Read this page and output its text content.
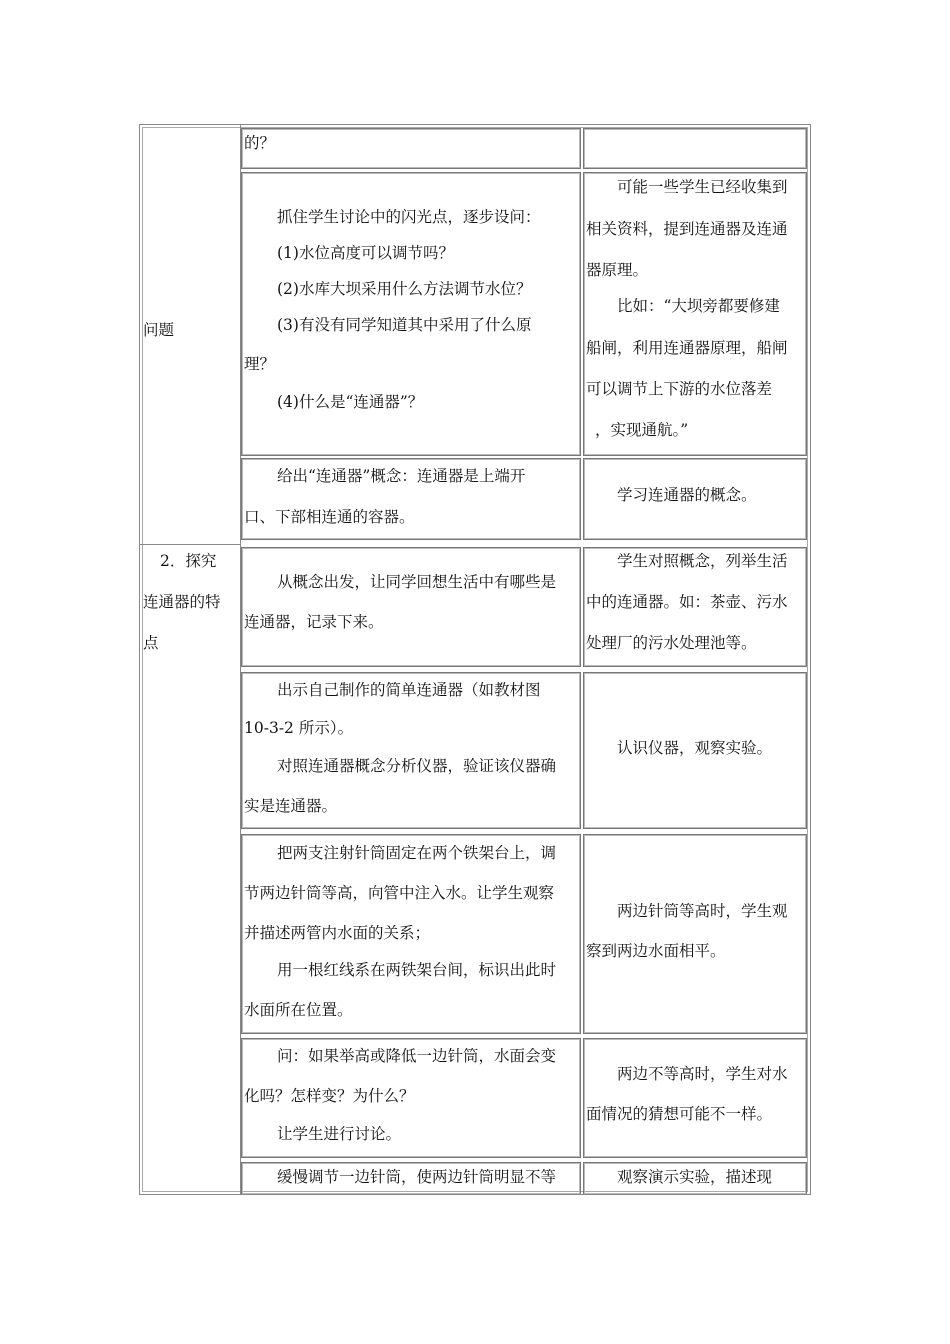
问题
2．探究
连通器的特
点
的？
抓住学生讨论中的闪光点，逐步设问：
(1)水位高度可以调节吗？
(2)水库大坝采用什么方法调节水位？
(3)有没有同学知道其中采用了什么原
理？
(4)什么是“连通器”？
可能一些学生已经收集到
相关资料，提到连通器及连通
器原理。
比如：“大坝旁都要修建
船闸，利用连通器原理，船闸
可以调节上下游的水位落差
，实现通航。”
给出“连通器”概念：连通器是上端开
口、下部相连通的容器。
学习连通器的概念。
从概念出发，让同学回想生活中有哪些是
连通器，记录下来。
学生对照概念，列举生活
中的连通器。如：茶壶、污水
处理厂的污水处理池等。
出示自己制作的简单连通器（如教材图
10-3-2 所示）。
对照连通器概念分析仪器，验证该仪器确
实是连通器。
认识仪器，观察实验。
把两支注射针筒固定在两个铁架台上，调
节两边针筒等高，向管中注入水。让学生观察
并描述两管内水面的关系；
用一根红线系在两铁架台间，标识出此时
水面所在位置。
两边针筒等高时，学生观
察到两边水面相平。
问：如果举高或降低一边针筒，水面会变
化吗？怎样变？为什么？
让学生进行讨论。
两边不等高时，学生对水
面情况的猜想可能不一样。
缓慢调节一边针筒，使两边针筒明显不等	观察演示实验，描述现
